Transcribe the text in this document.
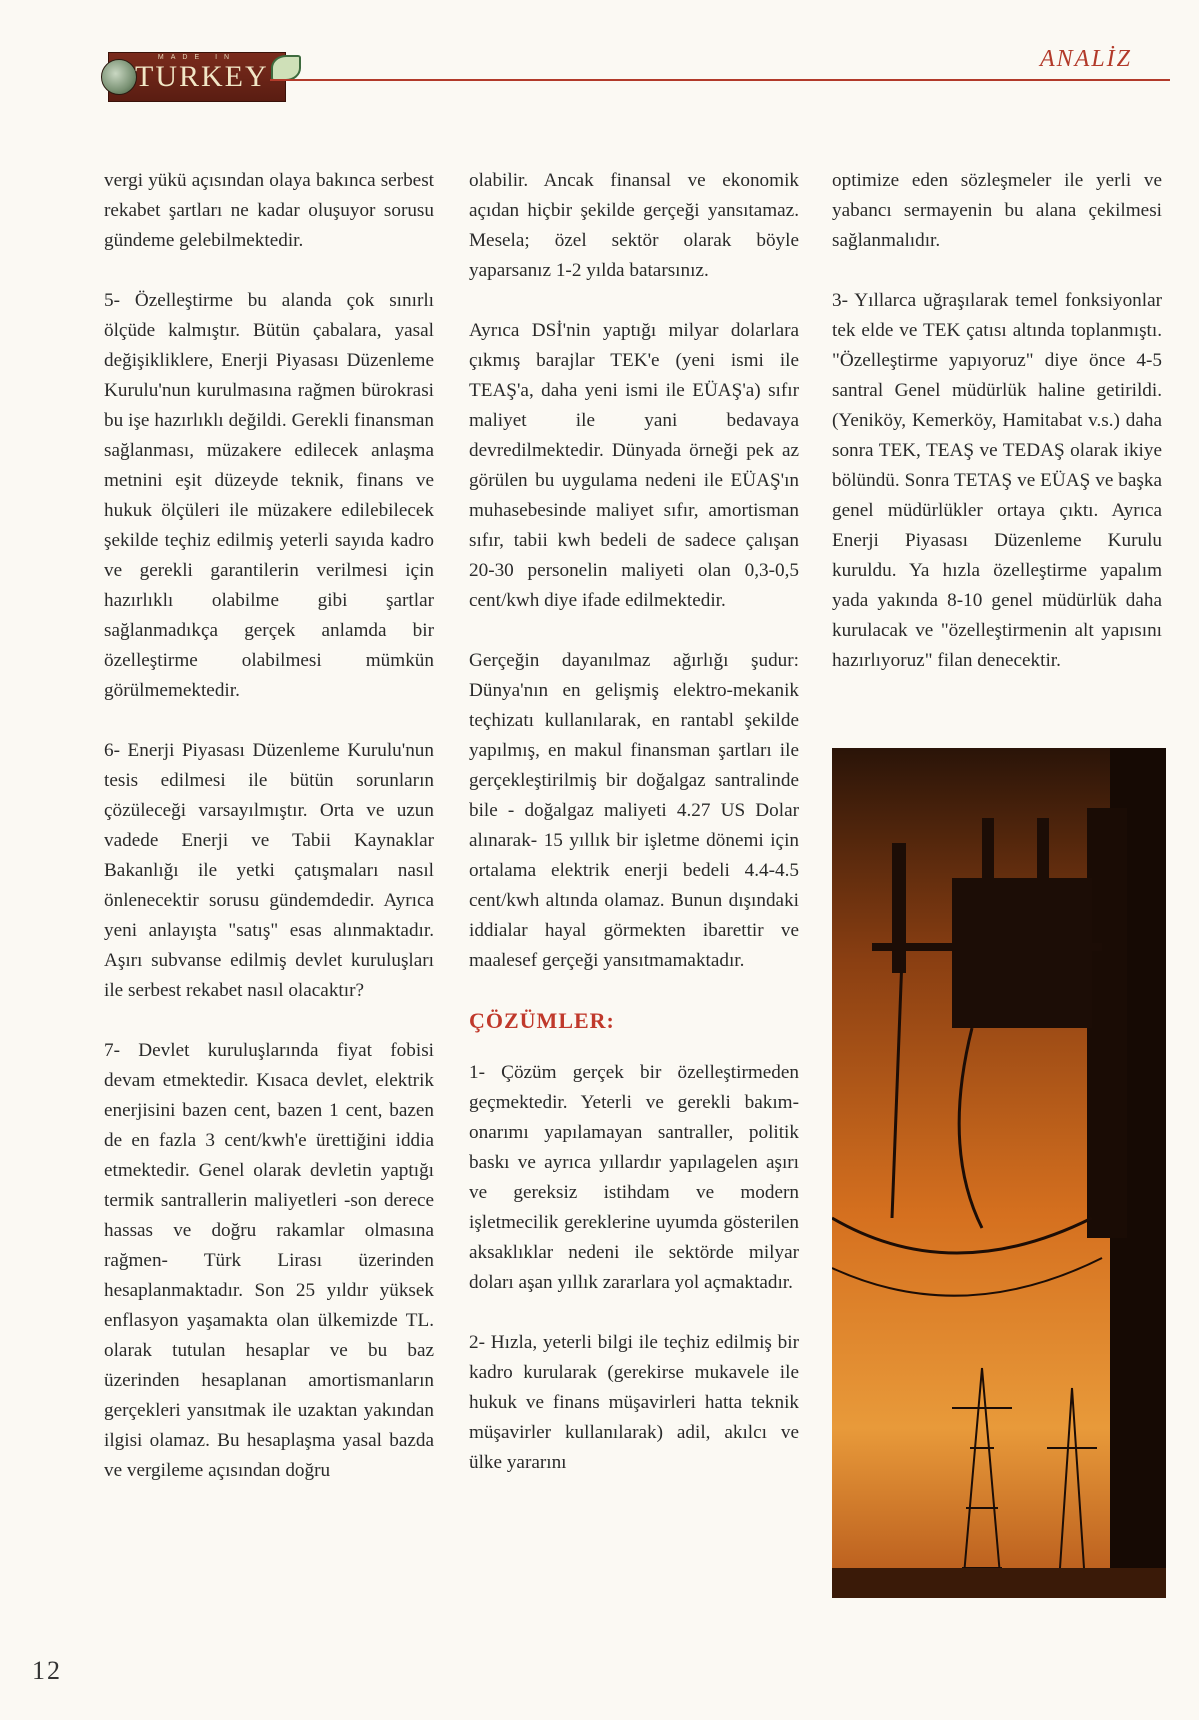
MADE IN
TURKEY
ANALİZ

vergi yükü açısından olaya bakınca serbest rekabet şartları ne kadar oluşuyor sorusu gündeme gelebilmektedir.

5- Özelleştirme bu alanda çok sınırlı ölçüde kalmıştır. Bütün çabalara, yasal değişikliklere, Enerji Piyasası Düzenleme Kurulu'nun kurulmasına rağmen bürokrasi bu işe hazırlıklı değildi. Gerekli finansman sağlanması, müzakere edilecek anlaşma metnini eşit düzeyde teknik, finans ve hukuk ölçüleri ile müzakere edilebilecek şekilde teçhiz edilmiş yeterli sayıda kadro ve gerekli garantilerin verilmesi için hazırlıklı olabilme gibi şartlar sağlanmadıkça gerçek anlamda bir özelleştirme olabilmesi mümkün görülmemektedir.

6- Enerji Piyasası Düzenleme Kurulu'nun tesis edilmesi ile bütün sorunların çözüleceği varsayılmıştır. Orta ve uzun vadede Enerji ve Tabii Kaynaklar Bakanlığı ile yetki çatışmaları nasıl önlenecektir sorusu gündemdedir. Ayrıca yeni anlayışta "satış" esas alınmaktadır. Aşırı subvanse edilmiş devlet kuruluşları ile serbest rekabet nasıl olacaktır?

7- Devlet kuruluşlarında fiyat fobisi devam etmektedir. Kısaca devlet, elektrik enerjisini bazen cent, bazen 1 cent, bazen de en fazla 3 cent/kwh'e ürettiğini iddia etmektedir. Genel olarak devletin yaptığı termik santrallerin maliyetleri -son derece hassas ve doğru rakamlar olmasına rağmen- Türk Lirası üzerinden hesaplanmaktadır. Son 25 yıldır yüksek enflasyon yaşamakta olan ülkemizde TL. olarak tutulan hesaplar ve bu baz üzerinden hesaplanan amortismanların gerçekleri yansıtmak ile uzaktan yakından ilgisi olamaz. Bu hesaplaşma yasal bazda ve vergileme açısından doğru

olabilir. Ancak finansal ve ekonomik açıdan hiçbir şekilde gerçeği yansıtamaz. Mesela; özel sektör olarak böyle yaparsanız 1-2 yılda batarsınız.

Ayrıca DSİ'nin yaptığı milyar dolarlara çıkmış barajlar TEK'e (yeni ismi ile TEAŞ'a, daha yeni ismi ile EÜAŞ'a) sıfır maliyet ile yani bedavaya devredilmektedir. Dünyada örneği pek az görülen bu uygulama nedeni ile EÜAŞ'ın muhasebesinde maliyet sıfır, amortisman sıfır, tabii kwh bedeli de sadece çalışan 20-30 personelin maliyeti olan 0,3-0,5 cent/kwh diye ifade edilmektedir.

Gerçeğin dayanılmaz ağırlığı şudur: Dünya'nın en gelişmiş elektro-mekanik teçhizatı kullanılarak, en rantabl şekilde yapılmış, en makul finansman şartları ile gerçekleştirilmiş bir doğalgaz santralinde bile - doğalgaz maliyeti 4.27 US Dolar alınarak- 15 yıllık bir işletme dönemi için ortalama elektrik enerji bedeli 4.4-4.5 cent/kwh altında olamaz. Bunun dışındaki iddialar hayal görmekten ibarettir ve maalesef gerçeği yansıtmamaktadır.

ÇÖZÜMLER:

1- Çözüm gerçek bir özelleştirmeden geçmektedir. Yeterli ve gerekli bakım-onarımı yapılamayan santraller, politik baskı ve ayrıca yıllardır yapılagelen aşırı ve gereksiz istihdam ve modern işletmecilik gereklerine uyumda gösterilen aksaklıklar nedeni ile sektörde milyar doları aşan yıllık zararlara yol açmaktadır.

2- Hızla, yeterli bilgi ile teçhiz edilmiş bir kadro kurularak (gerekirse mukavele ile hukuk ve finans müşavirleri hatta teknik müşavirler kullanılarak) adil, akılcı ve ülke yararını

optimize eden sözleşmeler ile yerli ve yabancı sermayenin bu alana çekilmesi sağlanmalıdır.

3- Yıllarca uğraşılarak temel fonksiyonlar tek elde ve TEK çatısı altında toplanmıştı. "Özelleştirme yapıyoruz" diye önce 4-5 santral Genel müdürlük haline getirildi. (Yeniköy, Kemerköy, Hamitabat v.s.) daha sonra TEK, TEAŞ ve TEDAŞ olarak ikiye bölündü. Sonra TETAŞ ve EÜAŞ ve başka genel müdürlükler ortaya çıktı. Ayrıca Enerji Piyasası Düzenleme Kurulu kuruldu. Ya hızla özelleştirme yapalım yada yakında 8-10 genel müdürlük daha kurulacak ve "özelleştirmenin alt yapısını hazırlıyoruz" filan denecektir.

12
